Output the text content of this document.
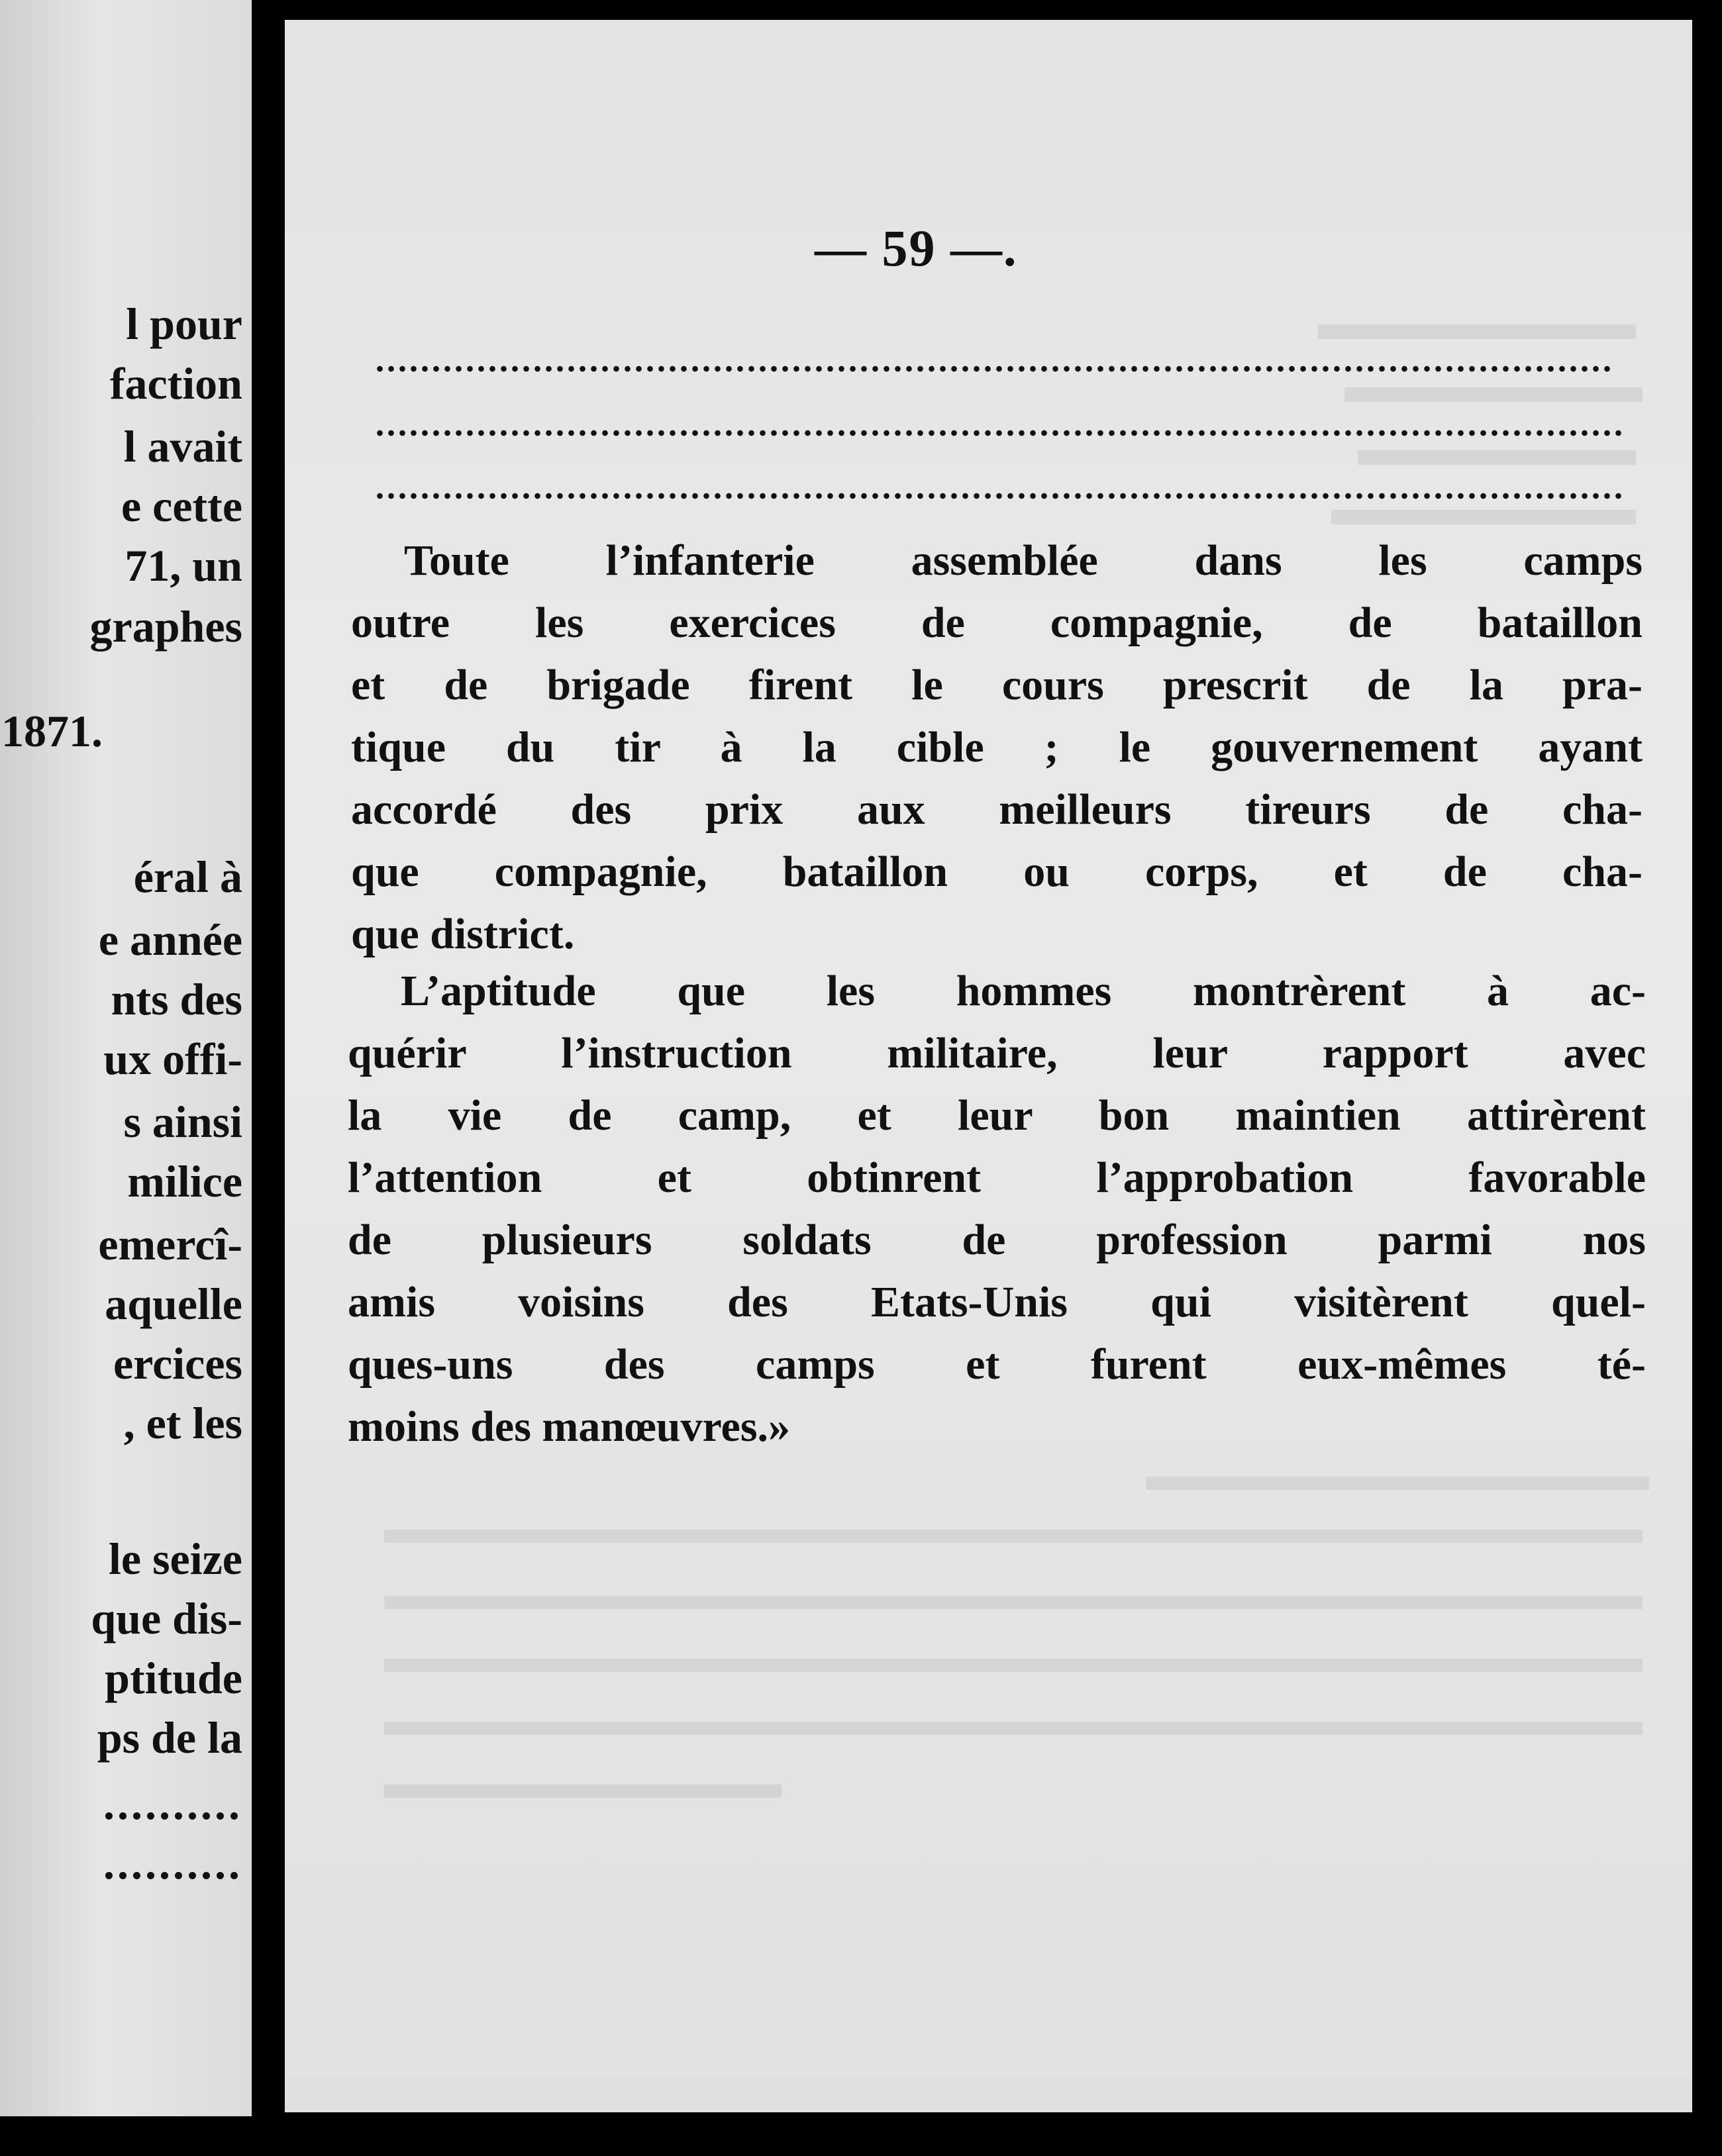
l pour
faction
l avait
e cette
71, un
graphes
1871.
éral à
e année
nts des
ux offi-
s ainsi
milice
emercî-
aquelle
ercices
, et les
le seize
que dis-
ptitude
ps de la
..........
..........
— 59 —.
Toute l’infanterie assemblée dans les camps
outre les exercices de compagnie, de bataillon
et de brigade firent le cours prescrit de la pra-
tique du tir à la cible ; le gouvernement ayant
accordé des prix aux meilleurs tireurs de cha-
que compagnie, bataillon ou corps, et de cha-
que district.
L’aptitude que les hommes montrèrent à ac-
quérir l’instruction militaire, leur rapport avec
la vie de camp, et leur bon maintien attirèrent
l’attention et obtinrent l’approbation favorable
de plusieurs soldats de profession parmi nos
amis voisins des Etats-Unis qui visitèrent quel-
ques-uns des camps et furent eux-mêmes té-
moins des manœuvres.»
